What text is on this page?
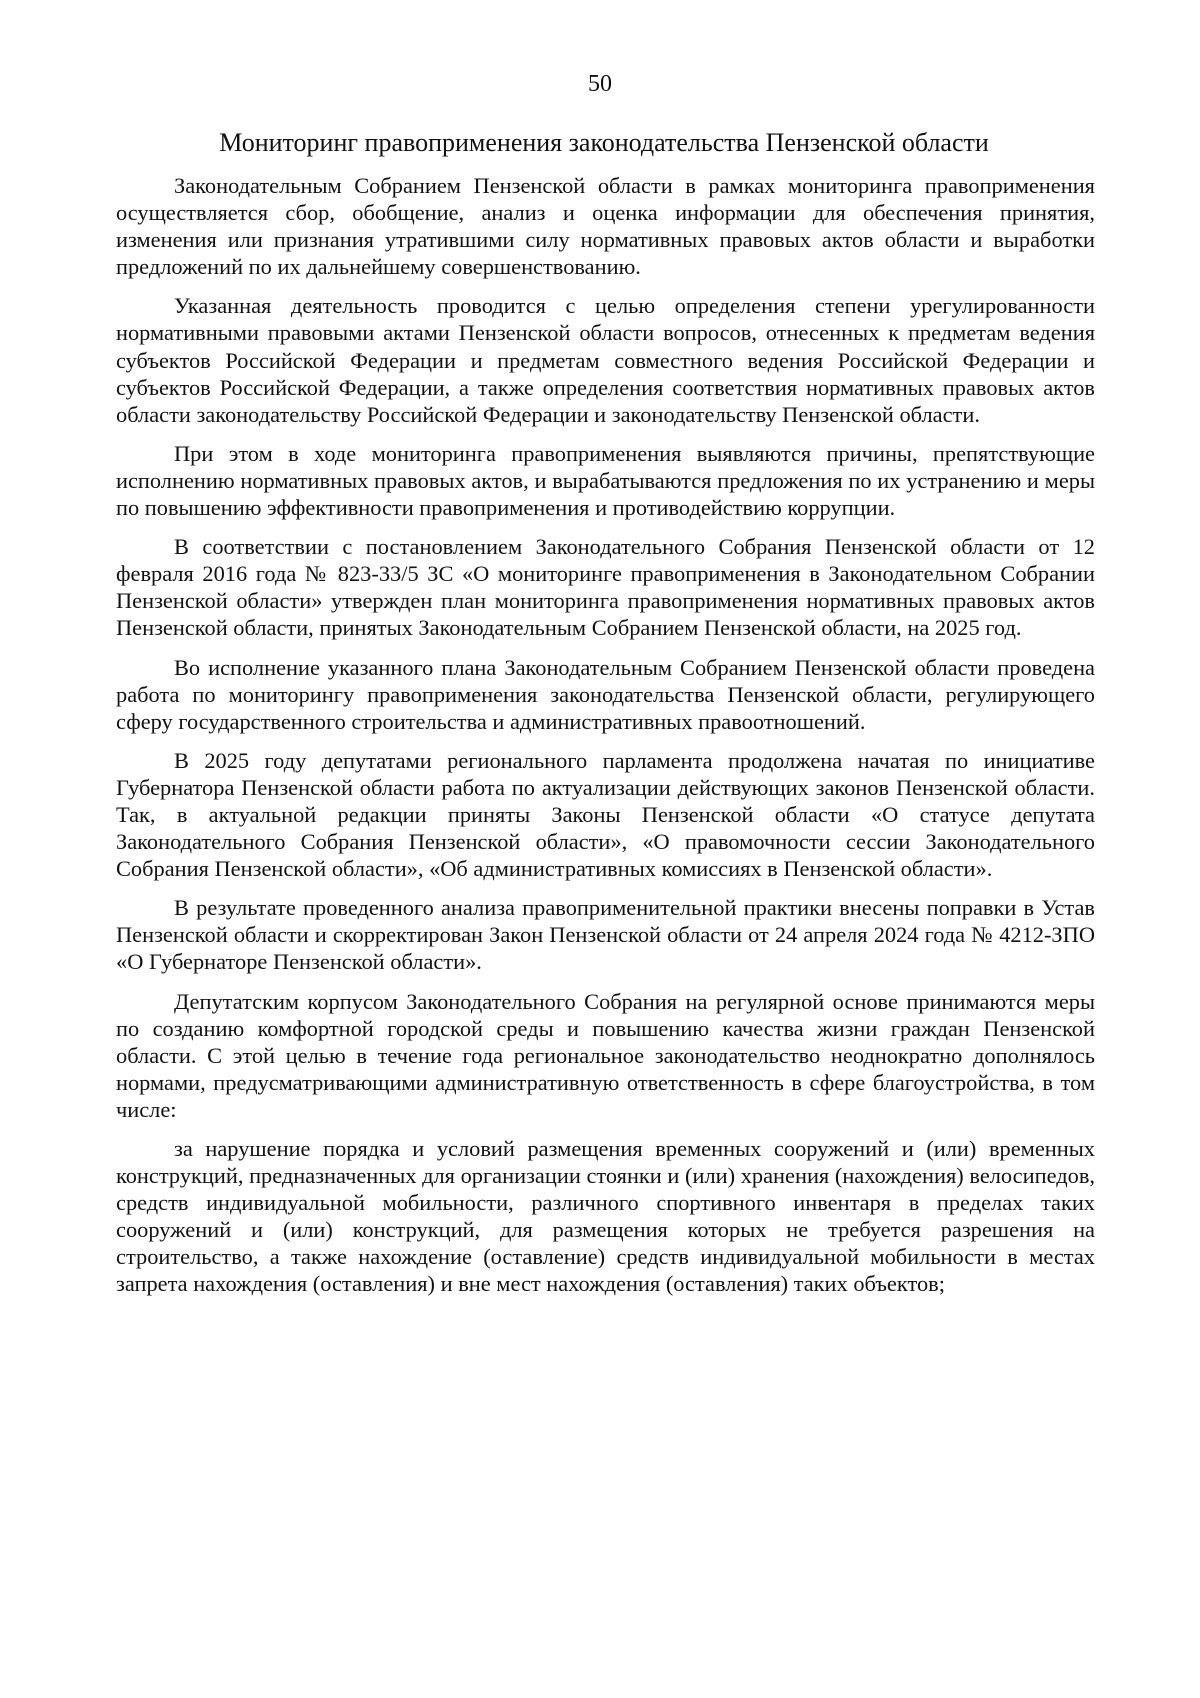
50
Мониторинг правоприменения законодательства Пензенской области

Законодательным Собранием Пензенской области в рамках мониторинга правоприменения осуществляется сбор, обобщение, анализ и оценка информации для обеспечения принятия, изменения или признания утратившими силу нормативных правовых актов области и выработки предложений по их дальнейшему совершенствованию.

Указанная деятельность проводится с целью определения степени урегулированности нормативными правовыми актами Пензенской области вопросов, отнесенных к предметам ведения субъектов Российской Федерации и предметам совместного ведения Российской Федерации и субъектов Российской Федерации, а также определения соответствия нормативных правовых актов области законодательству Российской Федерации и законодательству Пензенской области.

При этом в ходе мониторинга правоприменения выявляются причины, препятствующие исполнению нормативных правовых актов, и вырабатываются предложения по их устранению и меры по повышению эффективности правоприменения и противодействию коррупции.

В соответствии с постановлением Законодательного Собрания Пензенской области от 12 февраля 2016 года № 823-33/5 ЗС «О мониторинге правоприменения в Законодательном Собрании Пензенской области» утвержден план мониторинга правоприменения нормативных правовых актов Пензенской области, принятых Законодательным Собранием Пензенской области, на 2025 год.

Во исполнение указанного плана Законодательным Собранием Пензенской области проведена работа по мониторингу правоприменения законодательства Пензенской области, регулирующего сферу государственного строительства и административных правоотношений.

В 2025 году депутатами регионального парламента продолжена начатая по инициативе Губернатора Пензенской области работа по актуализации действующих законов Пензенской области. Так, в актуальной редакции приняты Законы Пензенской области «О статусе депутата Законодательного Собрания Пензенской области», «О правомочности сессии Законодательного Собрания Пензенской области», «Об административных комиссиях в Пензенской области».

В результате проведенного анализа правоприменительной практики внесены поправки в Устав Пензенской области и скорректирован Закон Пензенской области от 24 апреля 2024 года № 4212-ЗПО «О Губернаторе Пензенской области».

Депутатским корпусом Законодательного Собрания на регулярной основе принимаются меры по созданию комфортной городской среды и повышению качества жизни граждан Пензенской области. С этой целью в течение года региональное законодательство неоднократно дополнялось нормами, предусматривающими административную ответственность в сфере благоустройства, в том числе:

за нарушение порядка и условий размещения временных сооружений и (или) временных конструкций, предназначенных для организации стоянки и (или) хранения (нахождения) велосипедов, средств индивидуальной мобильности, различного спортивного инвентаря в пределах таких сооружений и (или) конструкций, для размещения которых не требуется разрешения на строительство, а также нахождение (оставление) средств индивидуальной мобильности в местах запрета нахождения (оставления) и вне мест нахождения (оставления) таких объектов;
